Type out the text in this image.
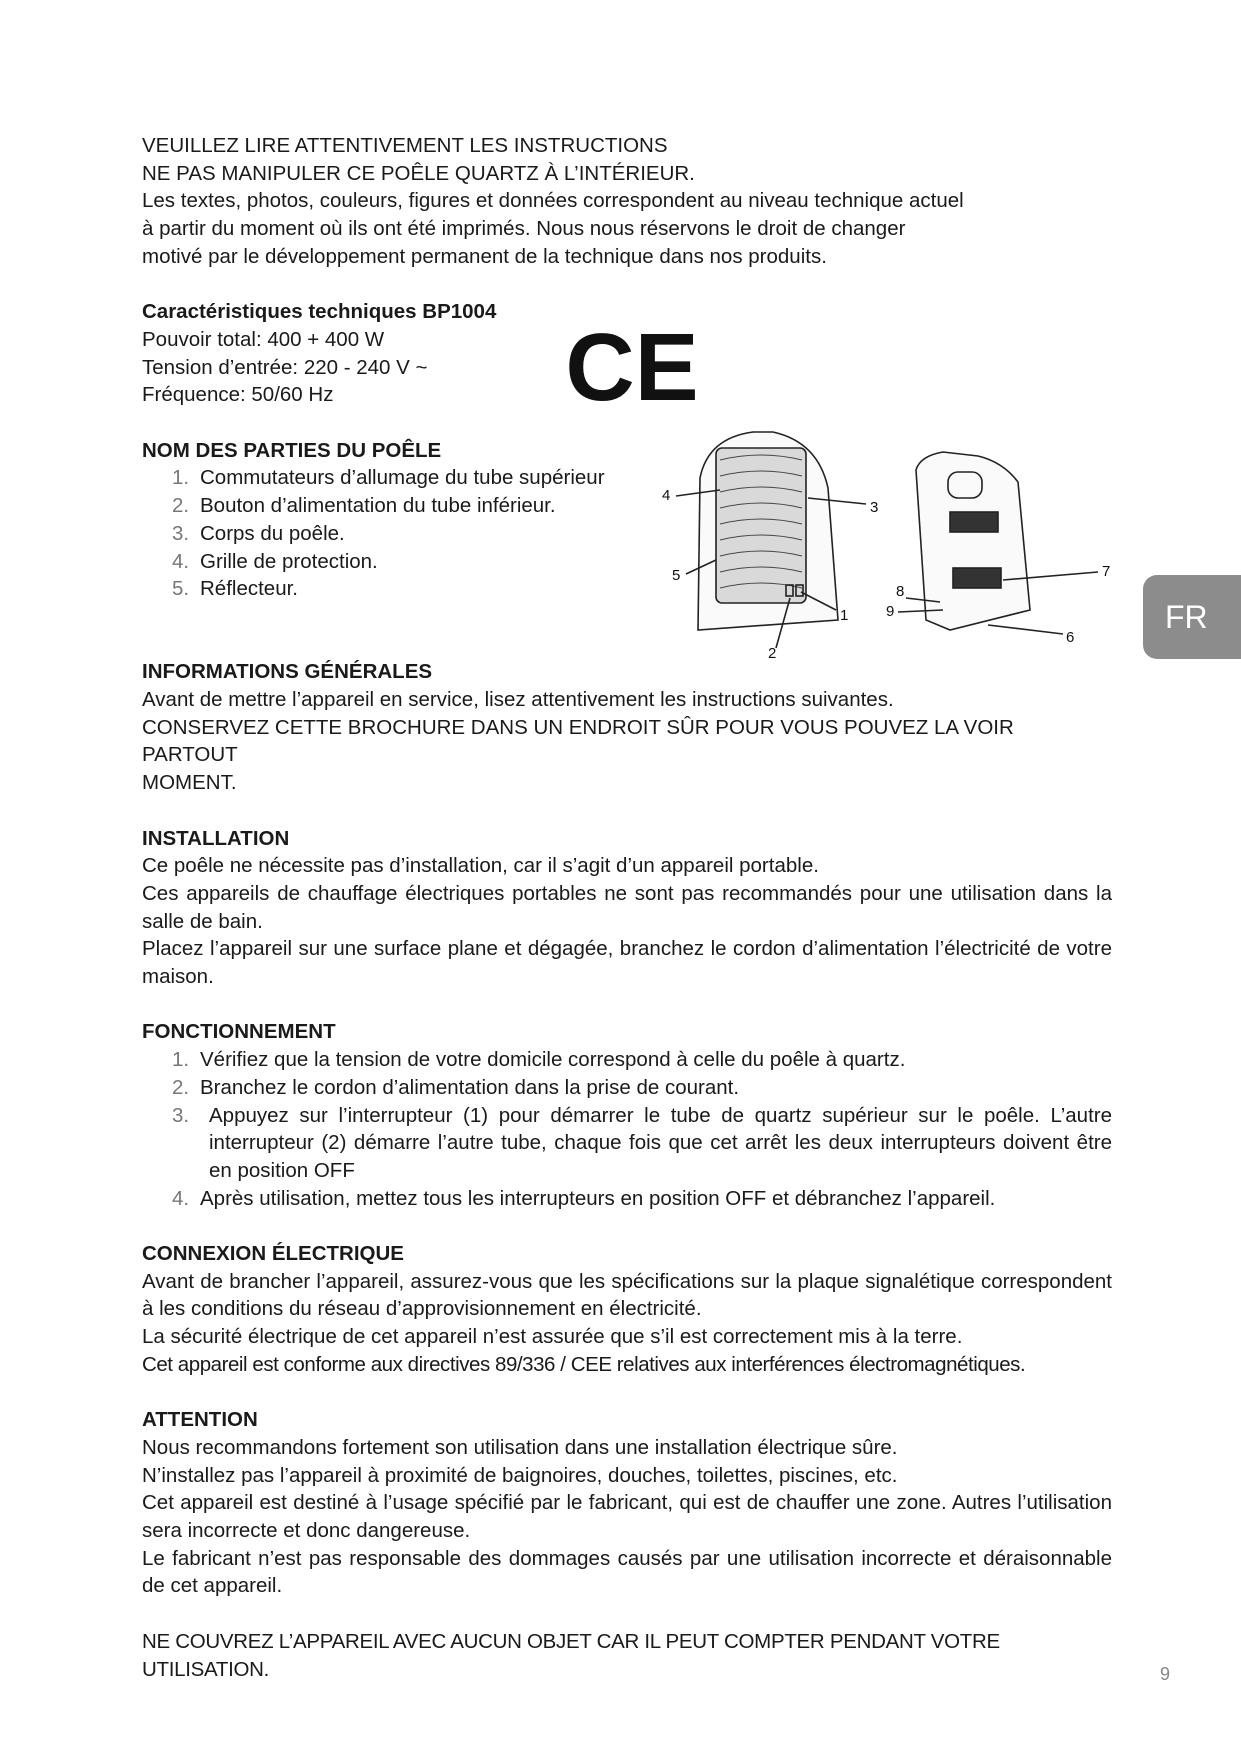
VEUILLEZ LIRE ATTENTIVEMENT LES INSTRUCTIONS
NE PAS MANIPULER CE POÊLE QUARTZ À L’INTÉRIEUR.
Les textes, photos, couleurs, figures et données correspondent au niveau technique actuel
à partir du moment où ils ont été imprimés. Nous nous réservons le droit de changer
motivé par le développement permanent de la technique dans nos produits.
Caractéristiques techniques BP1004
Pouvoir total: 400 + 400 W
Tension d’entrée: 220 - 240 V ~
Fréquence: 50/60 Hz
NOM DES PARTIES DU POÊLE
1. Commutateurs d’allumage du tube supérieur
2. Bouton d’alimentation du tube inférieur.
3. Corps du poêle.
4. Grille de protection.
5. Réflecteur.
INFORMATIONS GÉNÉRALES
Avant de mettre l’appareil en service, lisez attentivement les instructions suivantes.
CONSERVEZ CETTE BROCHURE DANS UN ENDROIT SÛR POUR VOUS POUVEZ LA VOIR PARTOUT
MOMENT.
INSTALLATION

Ce poêle ne nécessite pas d’installation, car il s’agit d’un appareil portable.

Ces appareils de chauffage électriques portables ne sont pas recommandés pour une utilisation dans la salle de bain.

Placez l’appareil sur une surface plane et dégagée, branchez le cordon d’alimentation l’électricité de votre maison.

FONCTIONNEMENT
1. Vérifiez que la tension de votre domicile correspond à celle du poêle à quartz.
2. Branchez le cordon d’alimentation dans la prise de courant.
3. Appuyez sur l’interrupteur (1) pour démarrer le tube de quartz supérieur sur le poêle. L’autre interrupteur (2) démarre l’autre tube, chaque fois que cet arrêt les deux interrupteurs doivent être en position OFF
4. Après utilisation, mettez tous les interrupteurs en position OFF et débranchez l’appareil.
CONNEXION ÉLECTRIQUE

Avant de brancher l’appareil, assurez-vous que les spécifications sur la plaque signalétique correspondent à les conditions du réseau d’approvisionnement en électricité.

La sécurité électrique de cet appareil n’est assurée que s’il est correctement mis à la terre.

Cet appareil est conforme aux directives 89/336 / CEE relatives aux interférences électromagnétiques.

ATTENTION

Nous recommandons fortement son utilisation dans une installation électrique sûre.

N’installez pas l’appareil à proximité de baignoires, douches, toilettes, piscines, etc.

Cet appareil est destiné à l’usage spécifié par le fabricant, qui est de chauffer une zone. Autres l’utilisation sera incorrecte et donc dangereuse.

Le fabricant n’est pas responsable des dommages causés par une utilisation incorrecte et déraisonnable de cet appareil.

NE COUVREZ L’APPAREIL AVEC AUCUN OBJET CAR IL PEUT COMPTER PENDANT VOTRE UTILISATION.

CE
4
3
5
1
2
7
6
8
9	FR
9
